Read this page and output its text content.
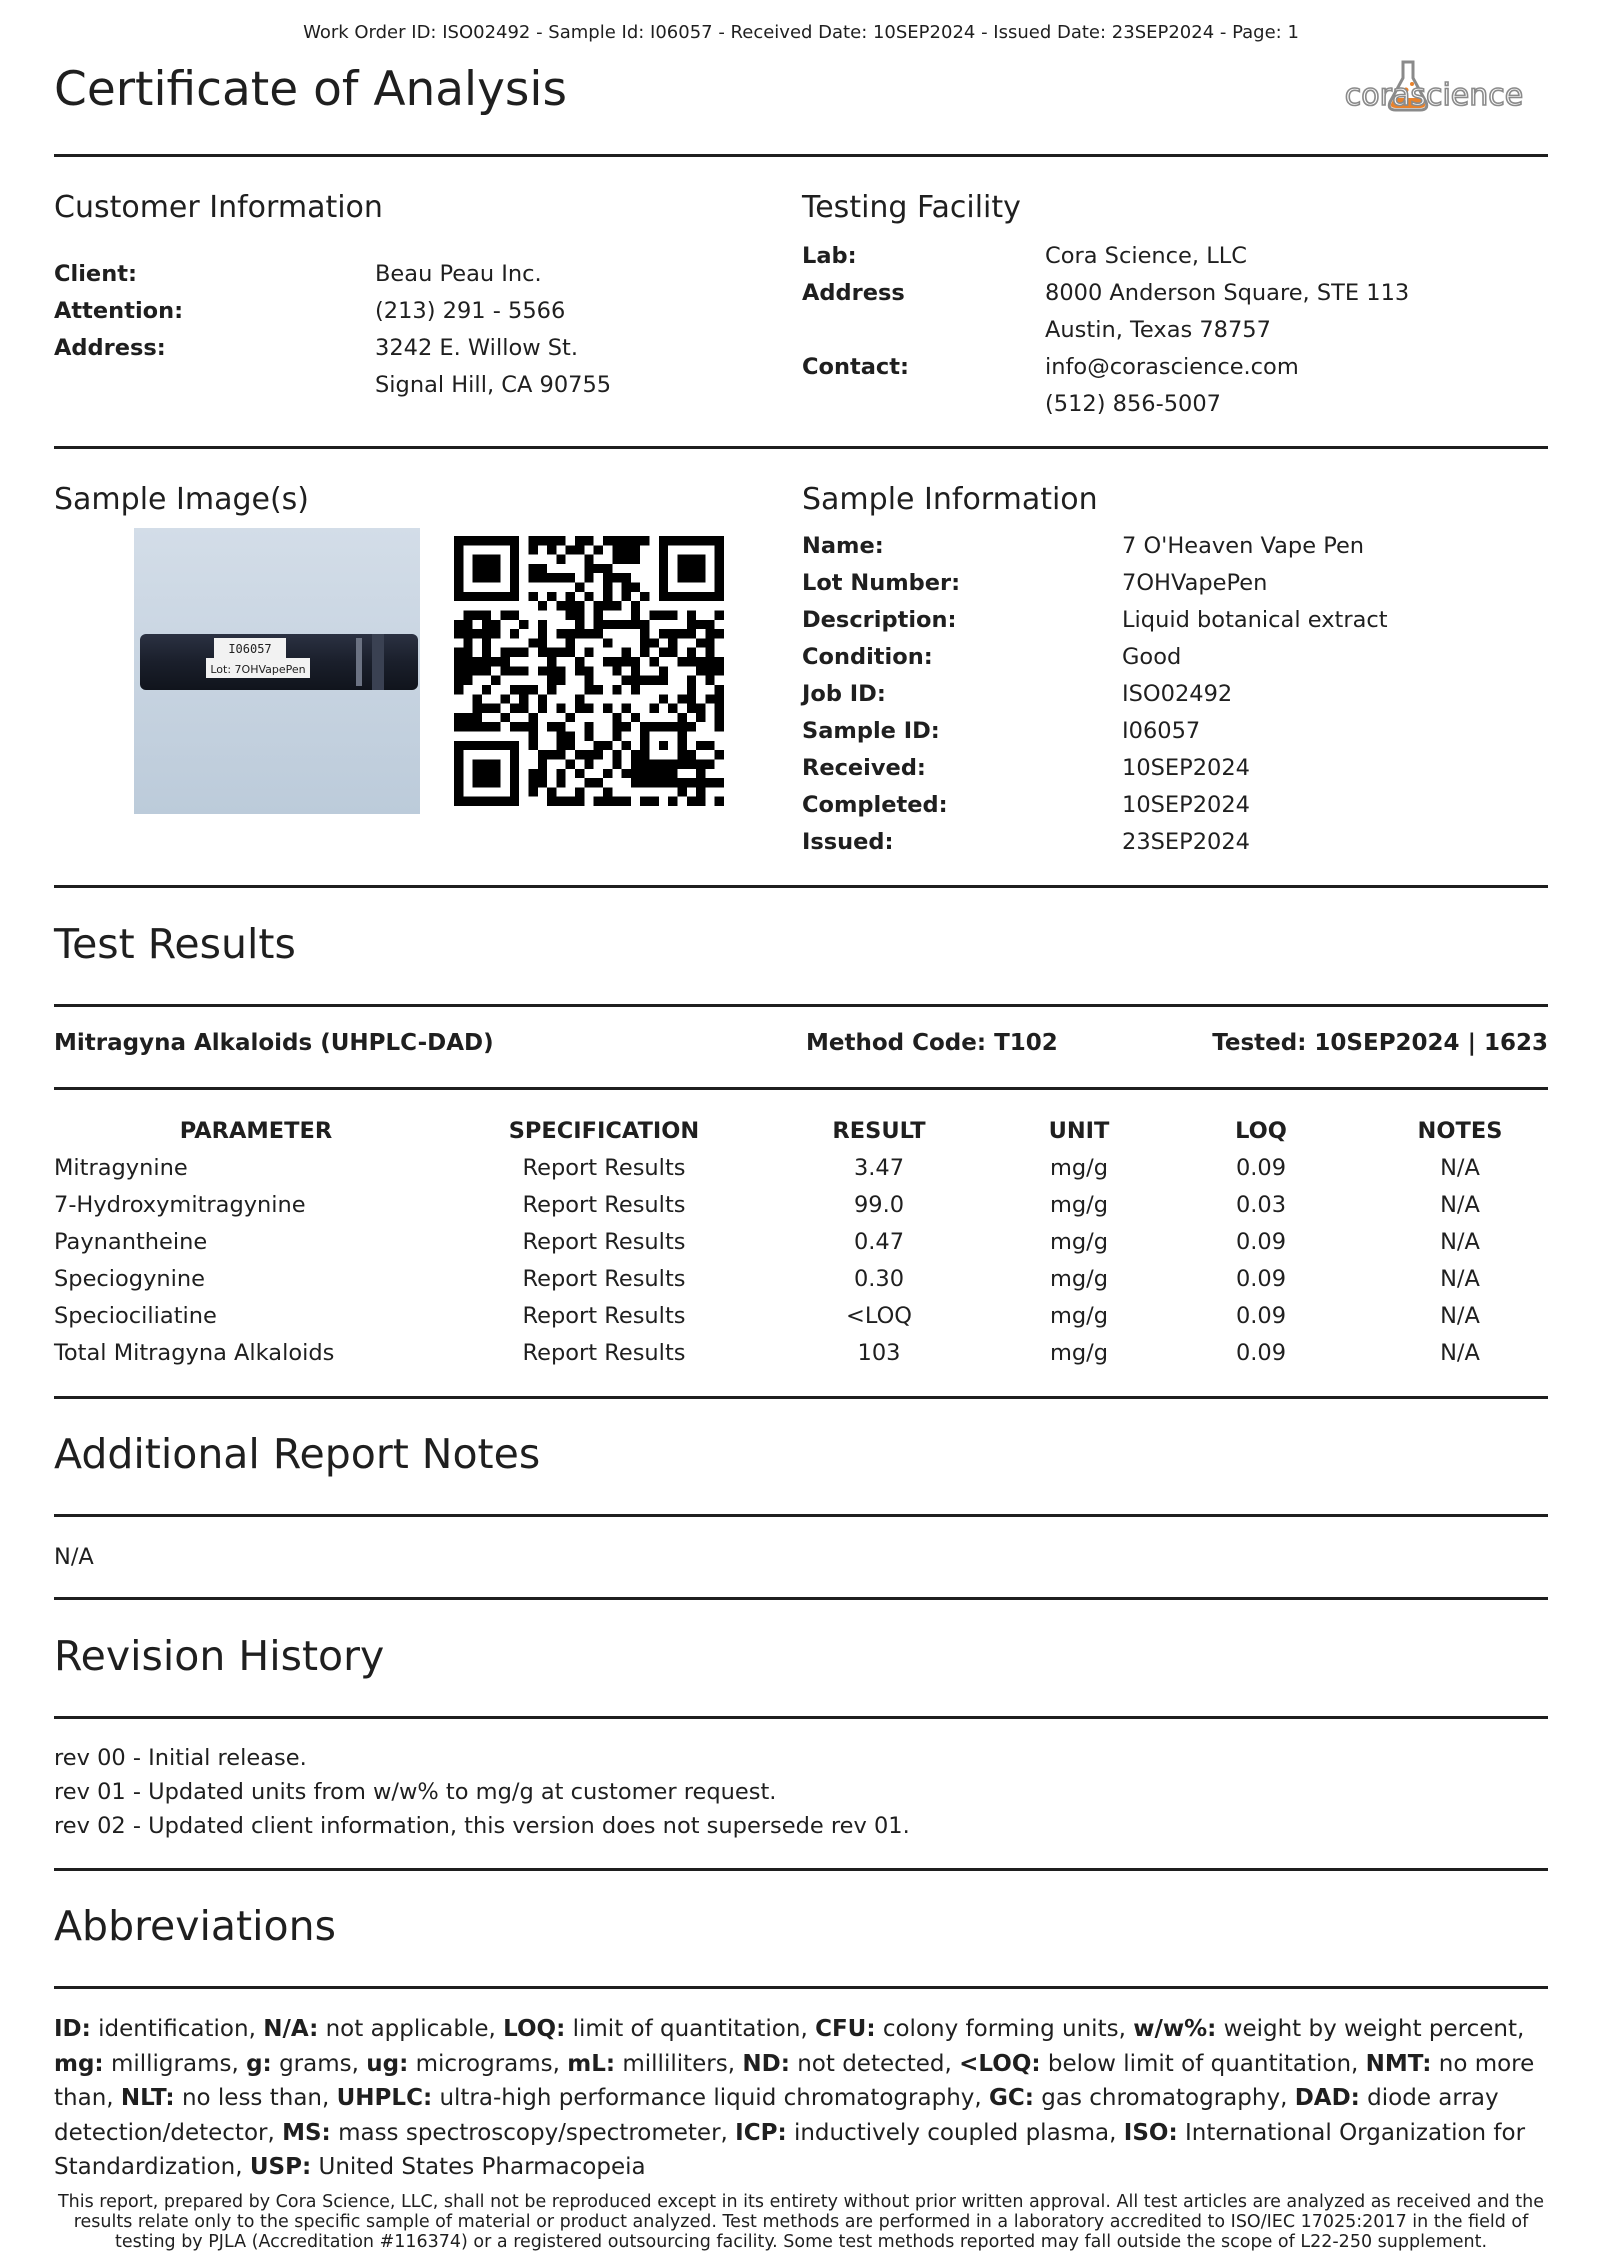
Work Order ID: ISO02492 - Sample Id: I06057 - Received Date: 10SEP2024 - Issued Date: 23SEP2024 - Page: 1
Certificate of Analysis	corascience
Customer Information
Client:	Beau Peau Inc.
Attention:	(213) 291 - 5566
Address:	3242 E. Willow St.
Signal Hill, CA 90755
Testing Facility
Lab:	Cora Science, LLC
Address	8000 Anderson Square, STE 113
Austin, Texas 78757
Contact:	info@corascience.com
(512) 856-5007
Sample Image(s)
I06057
Lot: 7OHVapePen
Sample Information
Name:	7 O'Heaven Vape Pen
Lot Number:	7OHVapePen
Description:	Liquid botanical extract
Condition:	Good
Job ID:	ISO02492
Sample ID:	I06057
Received:	10SEP2024
Completed:	10SEP2024
Issued:	23SEP2024
Test Results
Mitragyna Alkaloids (UHPLC-DAD)	Method Code: T102	Tested: 10SEP2024 | 1623
PARAMETER	SPECIFICATION	RESULT	UNIT	LOQ	NOTES
Mitragynine	Report Results	3.47	mg/g	0.09	N/A
7-Hydroxymitragynine	Report Results	99.0	mg/g	0.03	N/A
Paynantheine	Report Results	0.47	mg/g	0.09	N/A
Speciogynine	Report Results	0.30	mg/g	0.09	N/A
Speciociliatine	Report Results	<LOQ	mg/g	0.09	N/A
Total Mitragyna Alkaloids	Report Results	103	mg/g	0.09	N/A
Additional Report Notes
N/A
Revision History
rev 00 - Initial release.
rev 01 - Updated units from w/w% to mg/g at customer request.
rev 02 - Updated client information, this version does not supersede rev 01.
Abbreviations
ID: identification, N/A: not applicable, LOQ: limit of quantitation, CFU: colony forming units, w/w%: weight by weight percent, mg: milligrams, g: grams, ug: micrograms, mL: milliliters, ND: not detected, <LOQ: below limit of quantitation, NMT: no more than, NLT: no less than, UHPLC: ultra-high performance liquid chromatography, GC: gas chromatography, DAD: diode array detection/detector, MS: mass spectroscopy/spectrometer, ICP: inductively coupled plasma, ISO: International Organization for Standardization, USP: United States Pharmacopeia
This report, prepared by Cora Science, LLC, shall not be reproduced except in its entirety without prior written approval. All test articles are analyzed as received and the results relate only to the specific sample of material or product analyzed. Test methods are performed in a laboratory accredited to ISO/IEC 17025:2017 in the field of testing by PJLA (Accreditation #116374) or a registered outsourcing facility. Some test methods reported may fall outside the scope of L22-250 supplement.
